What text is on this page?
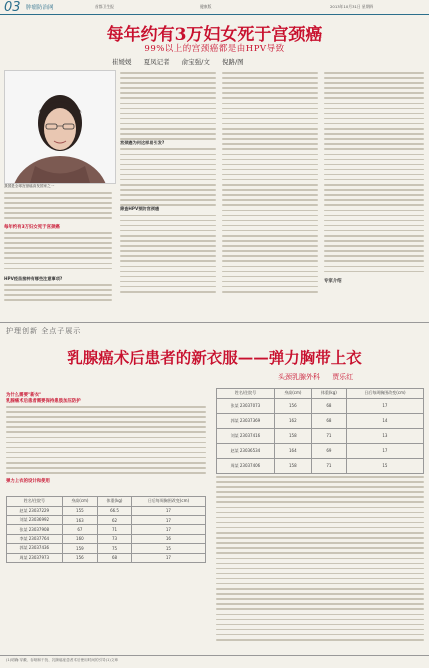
03 肿瘤防治网	首都卫生报	健康版	2013年10月31日 星期四
每年约有3万妇女死于宫颈癌
99%以上的宫颈癌都是由HPV导致
崔媛媛 夏凤记者 俞宝强/文 倪路/图
我国是全球宫颈癌高发国家之一
每年约有3万妇女死于宫颈癌
HPV疫苗接种有哪些注意事项?
宫颈癌为何这样易引发?
筛查HPV预防宫颈癌
专家介绍
护理创新 全点子展示
乳腺癌术后患者的新衣服——弹力胸带上衣
头颈乳腺外科 贾乐红
为什么需要"新衣"
乳腺癌术后患者需要保持患肢加压防护
弹力上衣的设计和使用
姓名/住院号	身高(cm)	体重(kg)	日后每周胸围改变(cm)
赵某 23037229	155	66.5	17
刘某 23036992	163	62	17
张某 23037908	67	71	17
李某 23037764	160	73	16
郭某 23037436	159	75	15
周某 23037973	156	68	17
姓名/住院号	身高(cm)	体重(kg)	日后每周胸围改变(cm)
张某 23037073	156	68	17
郭某 23037369	162	68	14
刘某 23037416	158	71	13
赵某 23036534	164	69	17
周某 23037406	158	71	15
(1)明确:穿戴、吞咽和干扰、乳腺癌症患者术后使用时间的引导(1)文章
